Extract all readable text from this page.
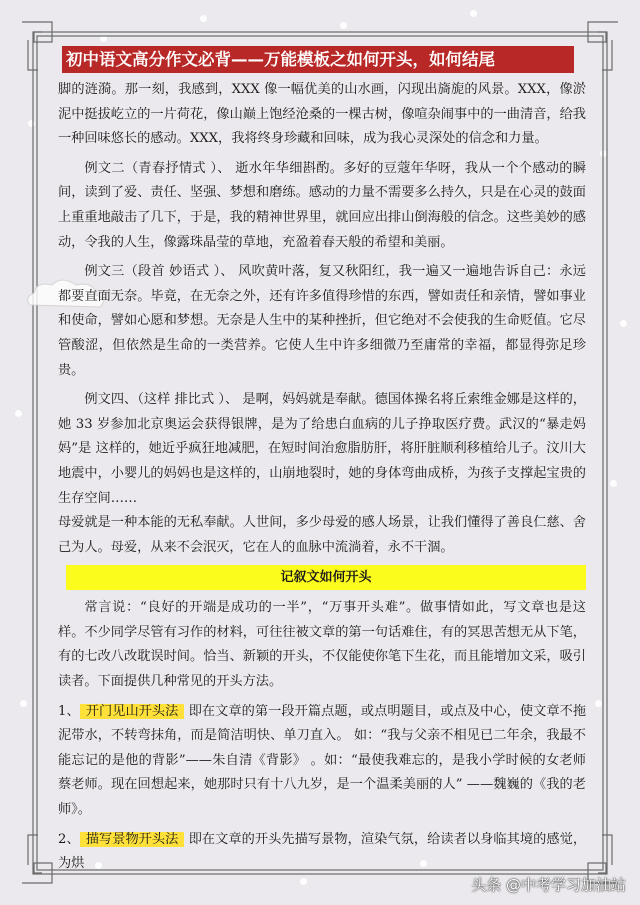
初中语文高分作文必背——万能模板之如何开头，如何结尾

脚的涟漪。那一刻，我感到，XXX 像一幅优美的山水画，闪现出旖旎的风景。XXX，像淤泥中挺拔屹立的一片荷花，像山巅上饱经沧桑的一棵古树，像喧杂闹事中的一曲清音，给我一种回味悠长的感动。XXX，我将终身珍藏和回味，成为我心灵深处的信念和力量。

例文二（青春抒情式 ）、 逝水年华细斟酌。多好的豆蔻年华呀，我从一个个感动的瞬间，读到了爱、责任、坚强、梦想和磨练。感动的力量不需要多么持久，只是在心灵的鼓面上重重地敲击了几下，于是，我的精神世界里，就回应出排山倒海般的信念。这些美妙的感动，令我的人生，像露珠晶莹的草地，充盈着春天般的希望和美丽。

例文三（段首 妙语式 ）、 风吹黄叶落，复又秋阳红，我一遍又一遍地告诉自己：永远都要直面无奈。毕竟，在无奈之外，还有许多值得珍惜的东西，譬如责任和亲情，譬如事业和使命，譬如心愿和梦想。无奈是人生中的某种挫折，但它绝对不会使我的生命贬值。它尽管酸涩，但依然是生命的一类营养。它使人生中许多细微乃至庸常的幸福，都显得弥足珍贵。

例文四、（这样 排比式 ）、 是啊，妈妈就是奉献。德国体操名将丘索维金娜是这样的，她 33 岁参加北京奥运会获得银牌，是为了给患白血病的儿子挣取医疗费。武汉的“暴走妈妈”是 这样的，她近乎疯狂地减肥，在短时间治愈脂肪肝，将肝脏顺利移植给儿子。汶川大地震中，小婴儿的妈妈也是这样的，山崩地裂时，她的身体弯曲成桥，为孩子支撑起宝贵的生存空间……

母爱就是一种本能的无私奉献。人世间，多少母爱的感人场景，让我们懂得了善良仁慈、舍己为人。母爱，从来不会泯灭，它在人的血脉中流淌着，永不干涸。

记叙文如何开头

常言说：“良好的开端是成功的一半”，“万事开头难”。做事情如此，写文章也是这样。不少同学尽管有习作的材料，可往往被文章的第一句话难住，有的冥思苦想无从下笔，有的七改八改耽误时间。恰当、新颖的开头，不仅能使你笔下生花，而且能增加文采，吸引读者。下面提供几种常见的开头方法。

1、 开门见山开头法 即在文章的第一段开篇点题，或点明题目，或点及中心，使文章不拖泥带水，不转弯抹角，而是简洁明快、单刀直入。 如：“我与父亲不相见已二年余，我最不能忘记的是他的背影”——朱自清《背影》 。如：“最使我难忘的，是我小学时候的女老师蔡老师。现在回想起来，她那时只有十八九岁，是一个温柔美丽的人” ——魏巍的《我的老师》。

2、 描写景物开头法 即在文章的开头先描写景物，渲染气氛，给读者以身临其境的感觉，为烘

头条 @中考学习加油站
